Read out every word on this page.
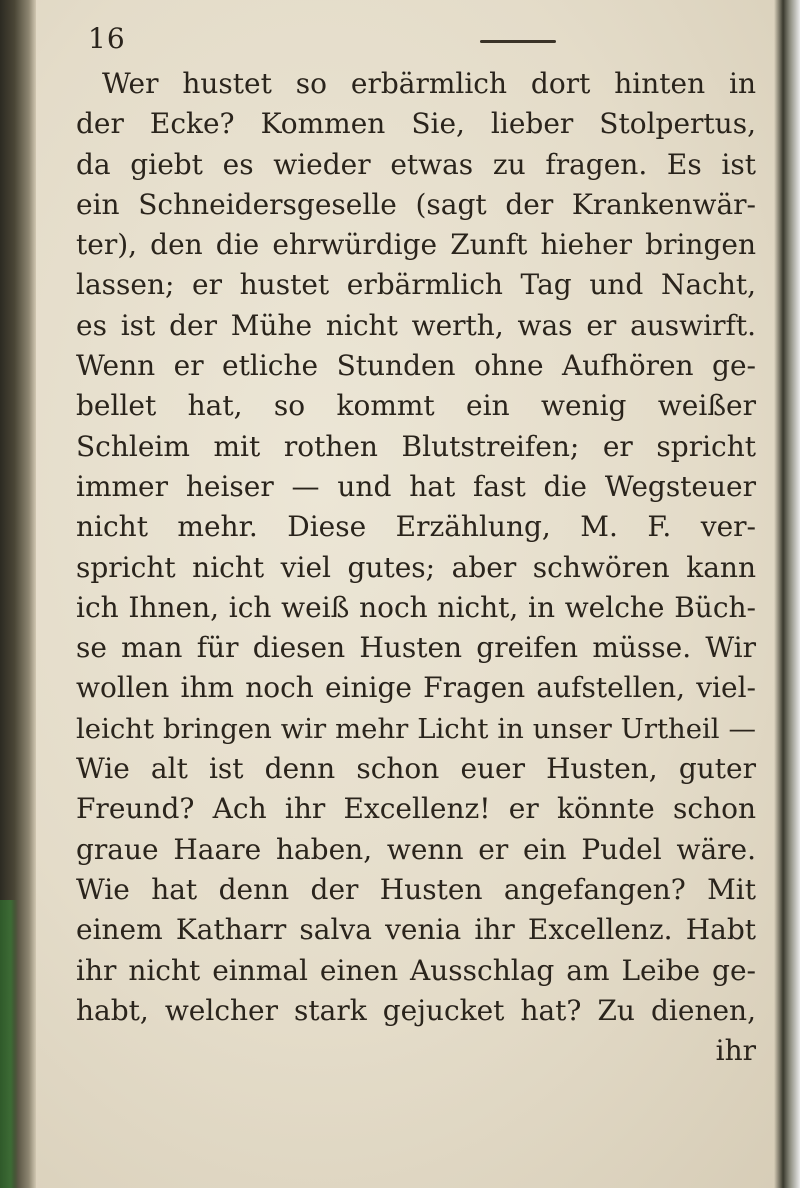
16
Wer hustet so erbärmlich dort hinten in
der Ecke? Kommen Sie, lieber Stolpertus,
da giebt es wieder etwas zu fragen. Es ist
ein Schneidersgeselle (sagt der Krankenwär-
ter), den die ehrwürdige Zunft hieher bringen
lassen; er hustet erbärmlich Tag und Nacht,
es ist der Mühe nicht werth, was er auswirft.
Wenn er etliche Stunden ohne Aufhören ge-
bellet hat, so kommt ein wenig weißer
Schleim mit rothen Blutstreifen; er spricht
immer heiser — und hat fast die Wegsteuer
nicht mehr. Diese Erzählung, M. F. ver-
spricht nicht viel gutes; aber schwören kann
ich Ihnen, ich weiß noch nicht, in welche Büch-
se man für diesen Husten greifen müsse. Wir
wollen ihm noch einige Fragen aufstellen, viel-
leicht bringen wir mehr Licht in unser Urtheil —
Wie alt ist denn schon euer Husten, guter
Freund? Ach ihr Excellenz! er könnte schon
graue Haare haben, wenn er ein Pudel wäre.
Wie hat denn der Husten angefangen? Mit
einem Katharr salva venia ihr Excellenz. Habt
ihr nicht einmal einen Ausschlag am Leibe ge-
habt, welcher stark gejucket hat? Zu dienen,
ihr
